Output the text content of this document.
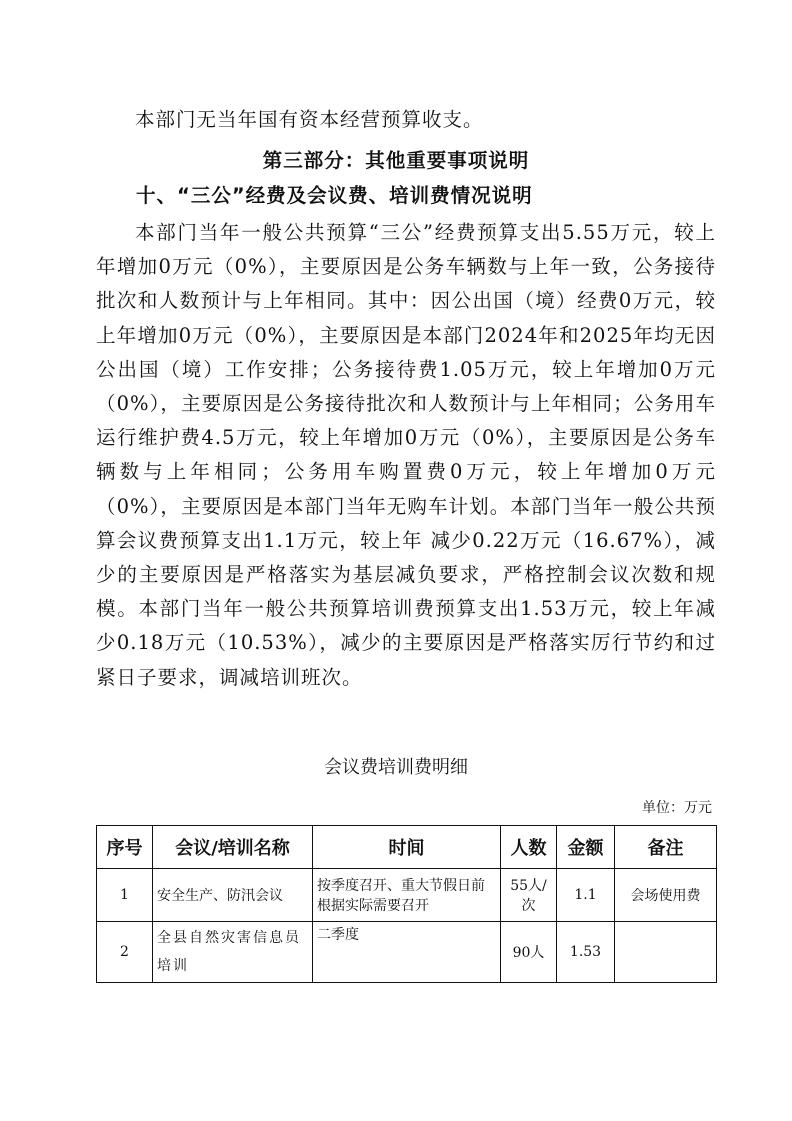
本部门无当年国有资本经营预算收支。

第三部分：其他重要事项说明
十、“三公”经费及会议费、培训费情况说明

本部门当年一般公共预算“三公”经费预算支出5.55万元，较上年增加0万元（0%），主要原因是公务车辆数与上年一致，公务接待批次和人数预计与上年相同。其中：因公出国（境）经费0万元，较上年增加0万元（0%），主要原因是本部门2024年和2025年均无因公出国（境）工作安排；公务接待费1.05万元，较上年增加0万元（0%），主要原因是公务接待批次和人数预计与上年相同；公务用车运行维护费4.5万元，较上年增加0万元（0%），主要原因是公务车辆数与上年相同；公务用车购置费0万元，较上年增加0万元（0%），主要原因是本部门当年无购车计划。本部门当年一般公共预算会议费预算支出1.1万元，较上年 减少0.22万元（16.67%），减少的主要原因是严格落实为基层减负要求，严格控制会议次数和规模。本部门当年一般公共预算培训费预算支出1.53万元，较上年减少0.18万元（10.53%），减少的主要原因是严格落实厉行节约和过紧日子要求，调减培训班次。

会议费培训费明细

单位：万元

序号	会议/培训名称	时间	人数	金额	备注
1	安全生产、防汛会议	按季度召开、重大节假日前根据实际需要召开	55人/次	1.1	会场使用费
2	全县自然灾害信息员培训	二季度	90人	1.53	
